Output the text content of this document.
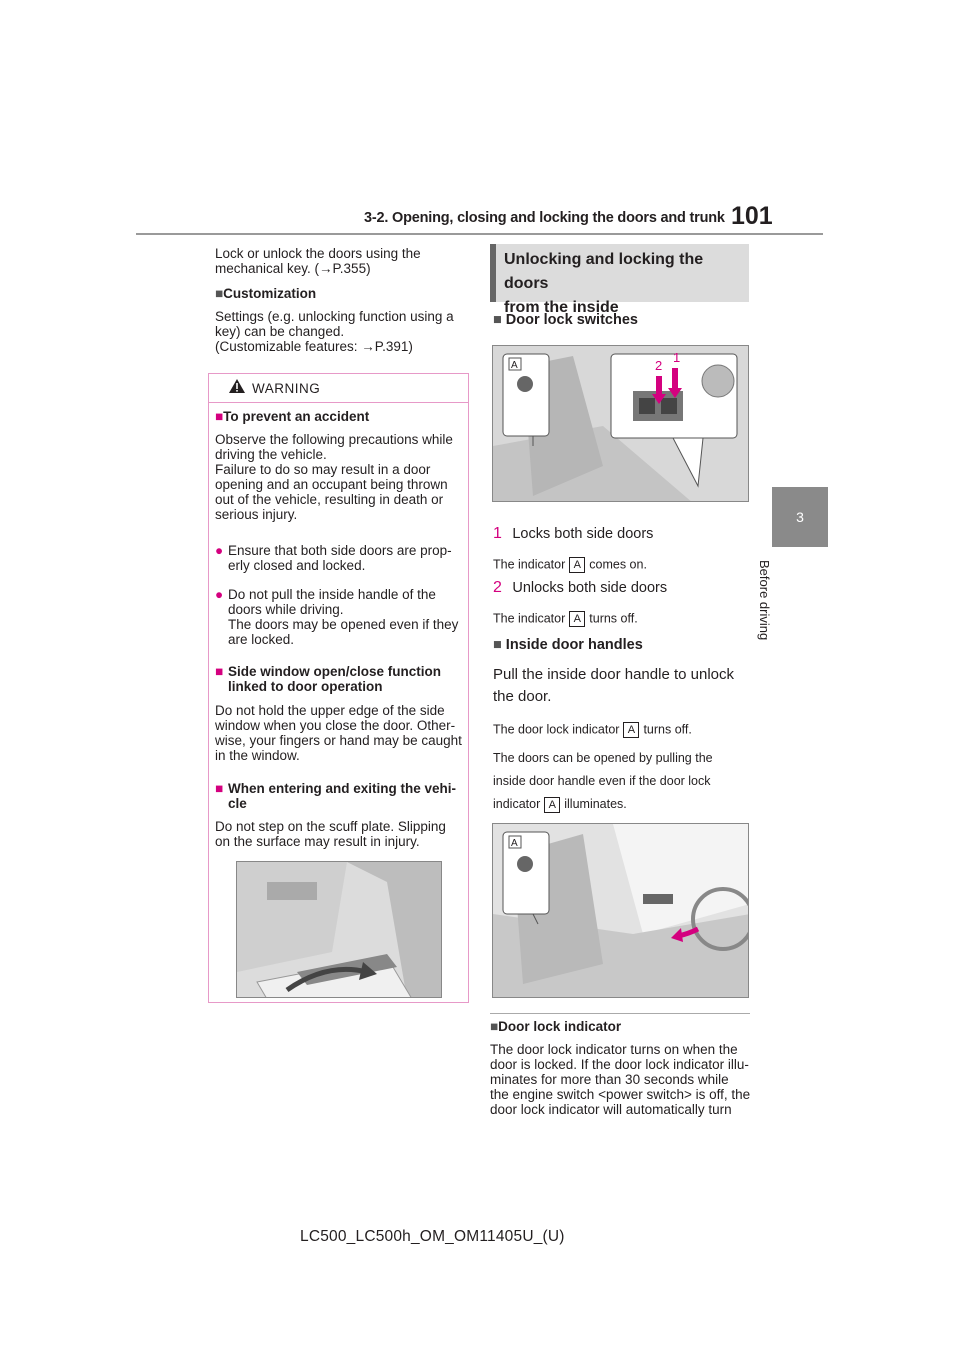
3-2. Opening, closing and locking the doors and trunk 101
3
Before driving
Lock or unlock the doors using the
mechanical key. (→P.355)
■Customization
Settings (e.g. unlocking function using a
key) can be changed.
(Customizable features: →P.391)
WARNING
■To prevent an accident
Observe the following precautions while
driving the vehicle.
Failure to do so may result in a door
opening and an occupant being thrown
out of the vehicle, resulting in death or
serious injury.
● Ensure that both side doors are prop-
erly closed and locked.
● Do not pull the inside handle of the
doors while driving.
The doors may be opened even if they
are locked.
■ Side window open/close function
linked to door operation
Do not hold the upper edge of the side
window when you close the door. Other-
wise, your fingers or hand may be caught
in the window.
■ When entering and exiting the vehi-
cle
Do not step on the scuff plate. Slipping
on the surface may result in injury.
Unlocking and locking the doors
from the inside
■ Door lock switches
A	2
1
1 Locks both side doors
The indicator A comes on.
2 Unlocks both side doors
The indicator A turns off.
■ Inside door handles
Pull the inside door handle to unlock
the door.
The door lock indicator A turns off.
The doors can be opened by pulling the
inside door handle even if the door lock
indicator A illuminates.
A
■Door lock indicator
The door lock indicator turns on when the
door is locked. If the door lock indicator illu-
minates for more than 30 seconds while
the engine switch <power switch> is off, the
door lock indicator will automatically turn
LC500_LC500h_OM_OM11405U_(U)
